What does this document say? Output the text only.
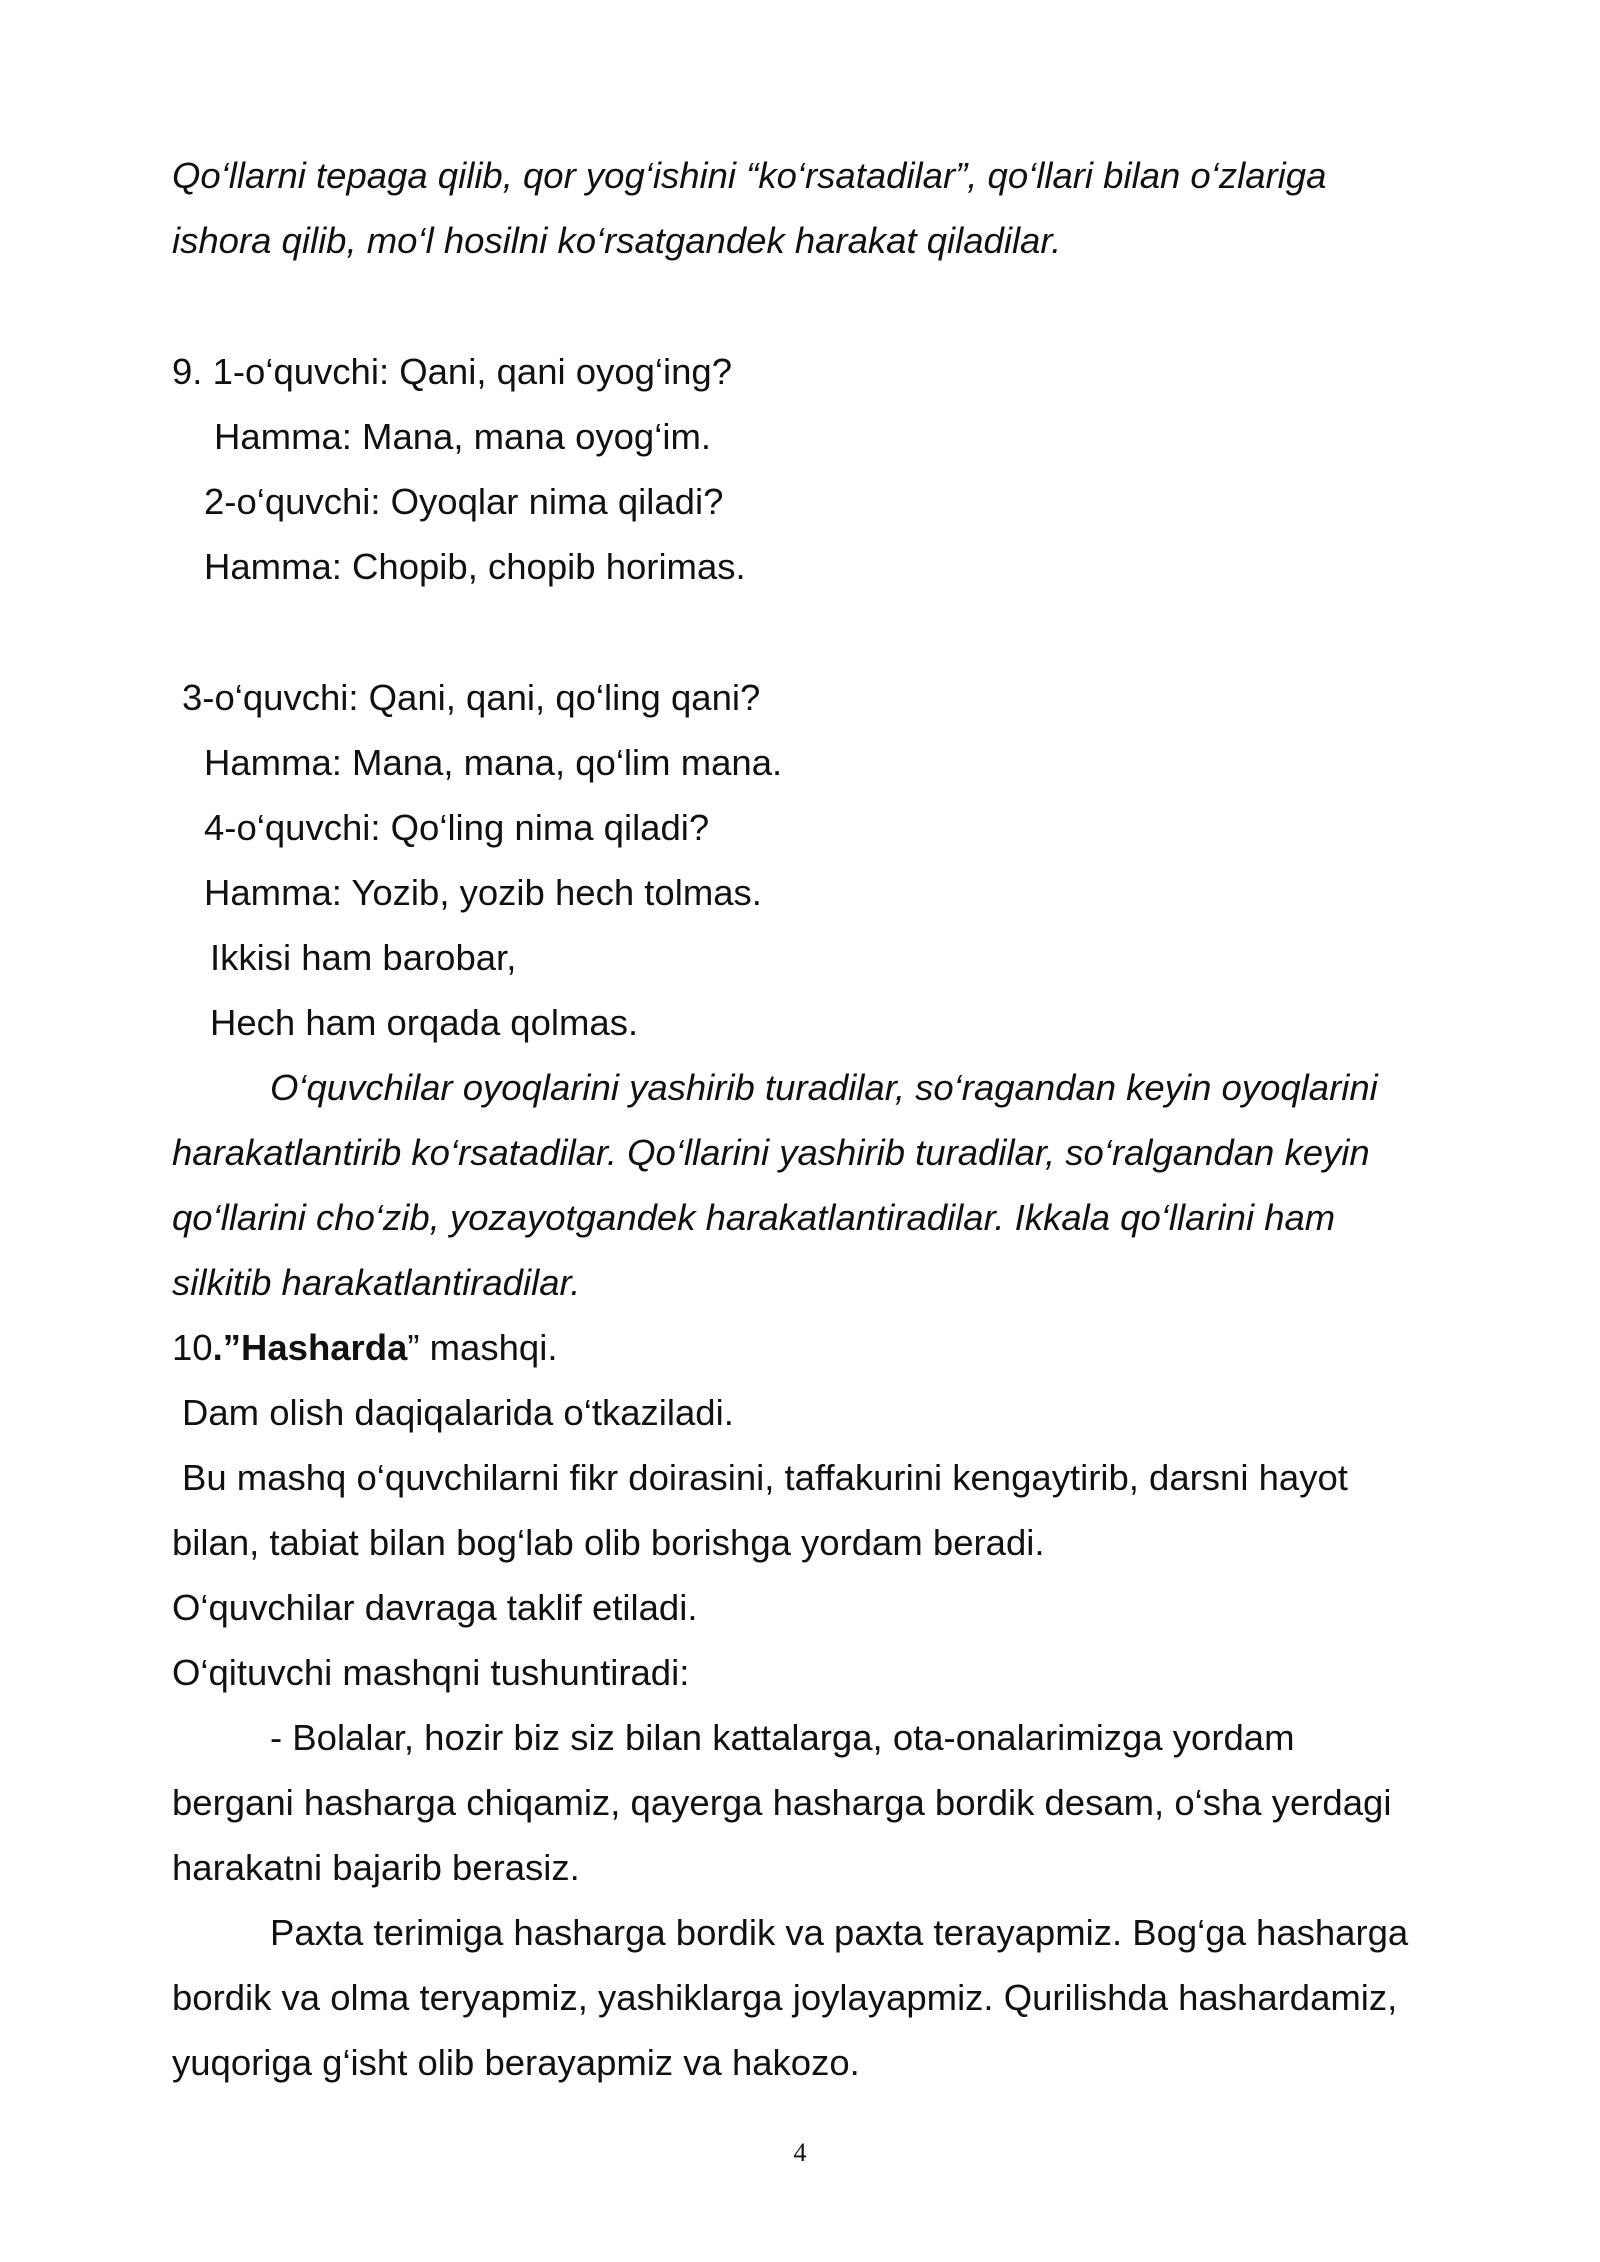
Qo‘llarni tepaga qilib, qor yog‘ishini “ko‘rsatadilar”, qo‘llari bilan o‘zlariga
ishora qilib, mo‘l hosilni ko‘rsatgandek harakat qiladilar.
9. 1-o‘quvchi: Qani, qani oyog‘ing?
Hamma: Mana, mana oyog‘im.
2-o‘quvchi: Oyoqlar nima qiladi?
Hamma: Chopib, chopib horimas.
3-o‘quvchi: Qani, qani, qo‘ling qani?
Hamma: Mana, mana, qo‘lim mana.
4-o‘quvchi: Qo‘ling nima qiladi?
Hamma: Yozib, yozib hech tolmas.
Ikkisi ham barobar,
Hech ham orqada qolmas.
O‘quvchilar oyoqlarini yashirib turadilar, so‘ragandan keyin oyoqlarini
harakatlantirib ko‘rsatadilar. Qo‘llarini yashirib turadilar, so‘ralgandan keyin
qo‘llarini cho‘zib, yozayotgandek harakatlantiradilar. Ikkala qo‘llarini ham
silkitib harakatlantiradilar.
10.”Hasharda” mashqi.
Dam olish daqiqalarida o‘tkaziladi.
Bu mashq o‘quvchilarni fikr doirasini, taffakurini kengaytirib, darsni hayot
bilan, tabiat bilan bog‘lab olib borishga yordam beradi.
O‘quvchilar davraga taklif etiladi.
O‘qituvchi mashqni tushuntiradi:
- Bolalar, hozir biz siz bilan kattalarga, ota-onalarimizga yordam
bergani hasharga chiqamiz, qayerga hasharga bordik desam, o‘sha yerdagi
harakatni bajarib berasiz.
Paxta terimiga hasharga bordik va paxta terayapmiz. Bog‘ga hasharga
bordik va olma teryapmiz, yashiklarga joylayapmiz. Qurilishda hashardamiz,
yuqoriga g‘isht olib berayapmiz va hakozo.
4
